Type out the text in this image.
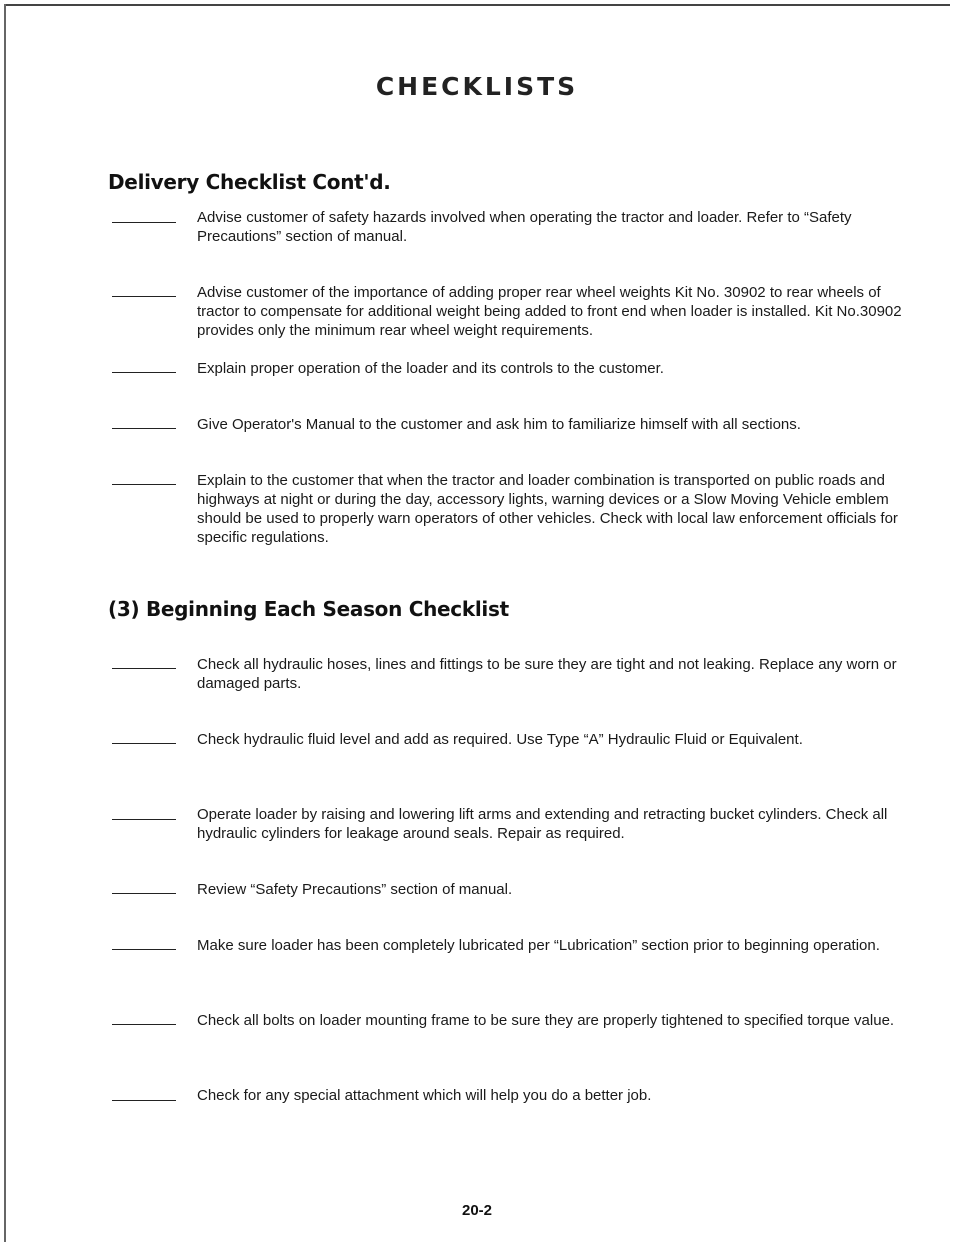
CHECKLISTS
Delivery Checklist Cont'd.
Advise customer of safety hazards involved when operating the tractor and loader. Refer to “Safety Precautions” section of manual.
Advise customer of the importance of adding proper rear wheel weights Kit No. 30902 to rear wheels of tractor to compensate for additional weight being added to front end when loader is installed. Kit No.30902 provides only the minimum rear wheel weight requirements.
Explain proper operation of the loader and its controls to the customer.
Give Operator's Manual to the customer and ask him to familiarize himself with all sections.
Explain to the customer that when the tractor and loader combination is transported on public roads and highways at night or during the day, accessory lights, warning devices or a Slow Moving Vehicle emblem should be used to properly warn operators of other vehicles. Check with local law enforcement officials for specific regulations.
(3) Beginning Each Season Checklist
Check all hydraulic hoses, lines and fittings to be sure they are tight and not leaking. Replace any worn or damaged parts.
Check hydraulic fluid level and add as required. Use Type “A” Hydraulic Fluid or Equivalent.
Operate loader by raising and lowering lift arms and extending and retracting bucket cylinders. Check all hydraulic cylinders for leakage around seals. Repair as required.
Review “Safety Precautions” section of manual.
Make sure loader has been completely lubricated per “Lubrication” section prior to beginning operation.
Check all bolts on loader mounting frame to be sure they are properly tightened to specified torque value.
Check for any special attachment which will help you do a better job.
20-2
